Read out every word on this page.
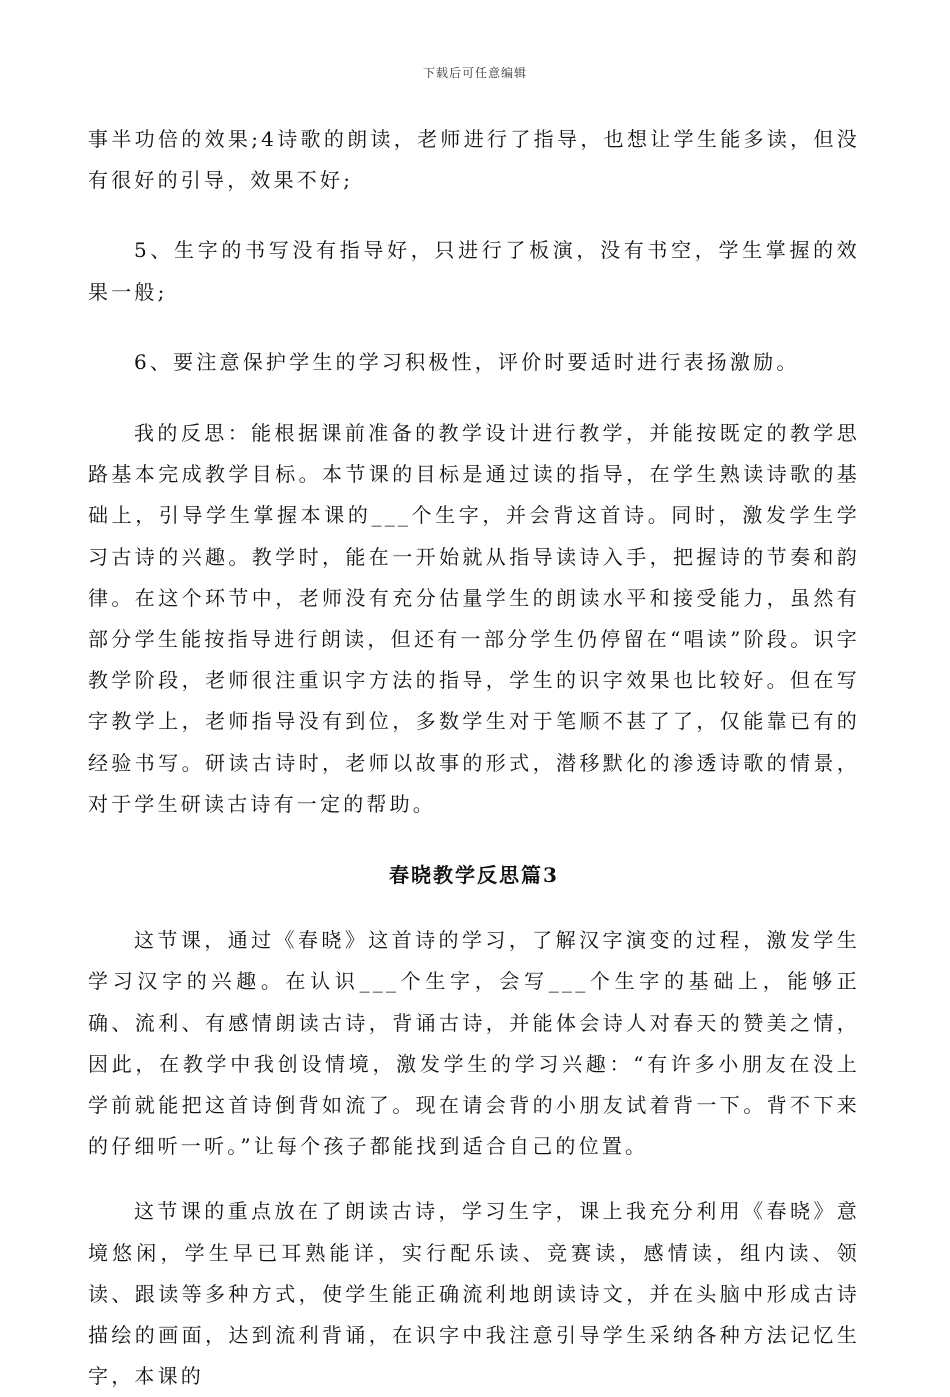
下载后可任意编辑

事半功倍的效果;4诗歌的朗读，老师进行了指导，也想让学生能多读，但没有很好的引导，效果不好;

5、生字的书写没有指导好，只进行了板演，没有书空，学生掌握的效果一般;

6、要注意保护学生的学习积极性，评价时要适时进行表扬激励。

我的反思：能根据课前准备的教学设计进行教学，并能按既定的教学思路基本完成教学目标。本节课的目标是通过读的指导，在学生熟读诗歌的基础上，引导学生掌握本课的___个生字，并会背这首诗。同时，激发学生学习古诗的兴趣。教学时，能在一开始就从指导读诗入手，把握诗的节奏和韵律。在这个环节中，老师没有充分估量学生的朗读水平和接受能力，虽然有部分学生能按指导进行朗读，但还有一部分学生仍停留在“唱读”阶段。识字教学阶段，老师很注重识字方法的指导，学生的识字效果也比较好。但在写字教学上，老师指导没有到位，多数学生对于笔顺不甚了了，仅能靠已有的经验书写。研读古诗时，老师以故事的形式，潜移默化的渗透诗歌的情景，对于学生研读古诗有一定的帮助。

春晓教学反思篇3

这节课，通过《春晓》这首诗的学习，了解汉字演变的过程，激发学生学习汉字的兴趣。在认识___个生字，会写___个生字的基础上，能够正确、流利、有感情朗读古诗，背诵古诗，并能体会诗人对春天的赞美之情，因此，在教学中我创设情境，激发学生的学习兴趣：“有许多小朋友在没上学前就能把这首诗倒背如流了。现在请会背的小朋友试着背一下。背不下来的仔细听一听。”让每个孩子都能找到适合自己的位置。

这节课的重点放在了朗读古诗，学习生字，课上我充分利用《春晓》意境悠闲，学生早已耳熟能详，实行配乐读、竞赛读，感情读，组内读、领读、跟读等多种方式，使学生能正确流利地朗读诗文，并在头脑中形成古诗描绘的画面，达到流利背诵，在识字中我注意引导学生采纳各种方法记忆生字，本课的
